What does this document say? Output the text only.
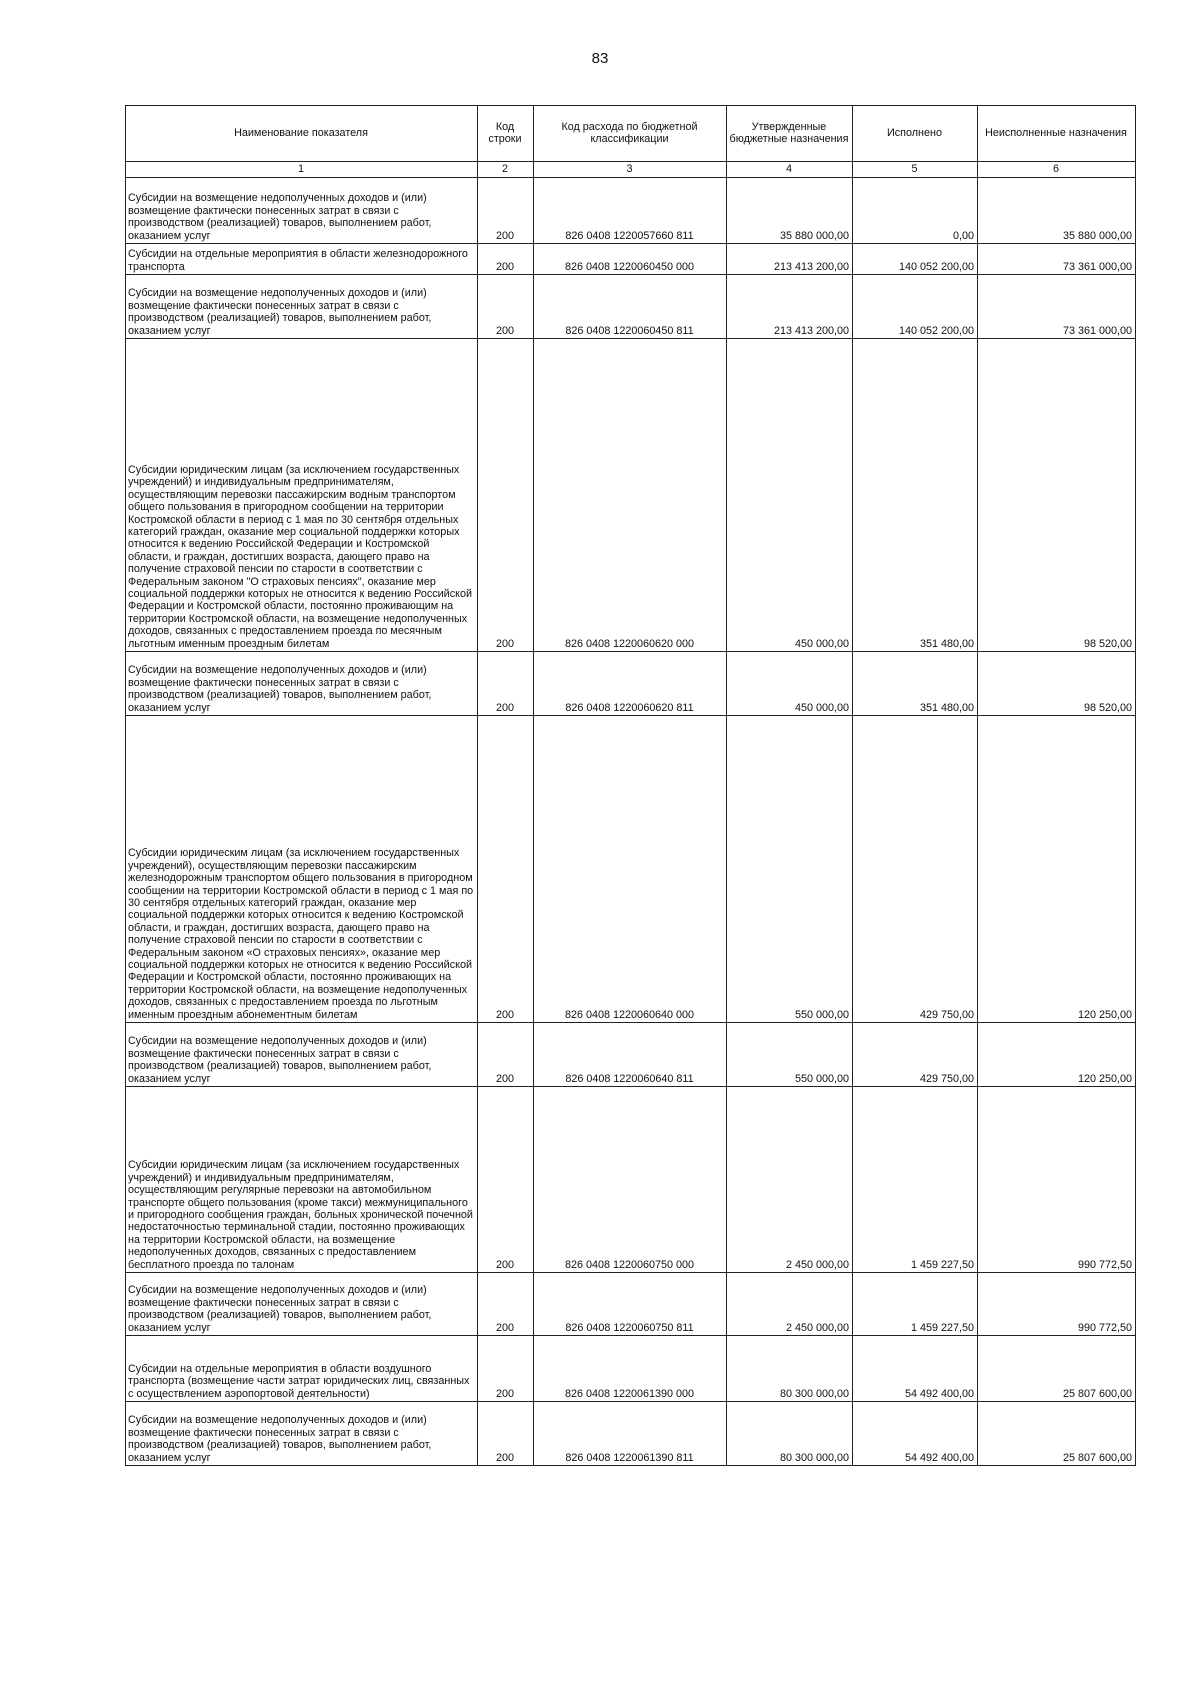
83
Наименование показателя	Код строки	Код расхода по бюджетной классификации	Утвержденные бюджетные назначения	Исполнено	Неисполненные назначения
1	2	3	4	5	6
Субсидии на возмещение недополученных доходов и (или) возмещение фактически понесенных затрат в связи с производством (реализацией) товаров, выполнением работ, оказанием услуг	200	826 0408 1220057660 811	35 880 000,00	0,00	35 880 000,00
Субсидии на отдельные мероприятия в области железнодорожного транспорта	200	826 0408 1220060450 000	213 413 200,00	140 052 200,00	73 361 000,00
Субсидии на возмещение недополученных доходов и (или) возмещение фактически понесенных затрат в связи с производством (реализацией) товаров, выполнением работ, оказанием услуг	200	826 0408 1220060450 811	213 413 200,00	140 052 200,00	73 361 000,00
Субсидии юридическим лицам (за исключением государственных учреждений) и индивидуальным предпринимателям, осуществляющим перевозки пассажирским водным транспортом общего пользования в пригородном сообщении на территории Костромской области в период с 1 мая по 30 сентября отдельных категорий граждан, оказание мер социальной поддержки которых относится к ведению Российской Федерации и Костромской области, и граждан, достигших возраста, дающего право на получение страховой пенсии по старости в соответствии с Федеральным законом "О страховых пенсиях", оказание мер социальной поддержки которых не относится к ведению Российской Федерации и Костромской области, постоянно проживающим на территории Костромской области, на возмещение недополученных доходов, связанных с предоставлением проезда по месячным льготным именным проездным билетам	200	826 0408 1220060620 000	450 000,00	351 480,00	98 520,00
Субсидии на возмещение недополученных доходов и (или) возмещение фактически понесенных затрат в связи с производством (реализацией) товаров, выполнением работ, оказанием услуг	200	826 0408 1220060620 811	450 000,00	351 480,00	98 520,00
Субсидии юридическим лицам (за исключением государственных учреждений), осуществляющим перевозки пассажирским железнодорожным транспортом общего пользования в пригородном сообщении на территории Костромской области в период с 1 мая по 30 сентября отдельных категорий граждан, оказание мер социальной поддержки которых относится к ведению Костромской области, и граждан, достигших возраста, дающего право на получение страховой пенсии по старости в соответствии с Федеральным законом «О страховых пенсиях», оказание мер социальной поддержки которых не относится к ведению Российской Федерации и Костромской области, постоянно проживающих на территории Костромской области, на возмещение недополученных доходов, связанных с предоставлением проезда по льготным именным проездным абонементным билетам	200	826 0408 1220060640 000	550 000,00	429 750,00	120 250,00
Субсидии на возмещение недополученных доходов и (или) возмещение фактически понесенных затрат в связи с производством (реализацией) товаров, выполнением работ, оказанием услуг	200	826 0408 1220060640 811	550 000,00	429 750,00	120 250,00
Субсидии юридическим лицам (за исключением государственных учреждений) и индивидуальным предпринимателям, осуществляющим регулярные перевозки на автомобильном транспорте общего пользования (кроме такси) межмуниципального и пригородного сообщения граждан, больных хронической почечной недостаточностью терминальной стадии, постоянно проживающих на территории Костромской области, на возмещение недополученных доходов, связанных с предоставлением бесплатного проезда по талонам	200	826 0408 1220060750 000	2 450 000,00	1 459 227,50	990 772,50
Субсидии на возмещение недополученных доходов и (или) возмещение фактически понесенных затрат в связи с производством (реализацией) товаров, выполнением работ, оказанием услуг	200	826 0408 1220060750 811	2 450 000,00	1 459 227,50	990 772,50
Субсидии на отдельные мероприятия в области воздушного транспорта (возмещение части затрат юридических лиц, связанных с осуществлением аэропортовой деятельности)	200	826 0408 1220061390 000	80 300 000,00	54 492 400,00	25 807 600,00
Субсидии на возмещение недополученных доходов и (или) возмещение фактически понесенных затрат в связи с производством (реализацией) товаров, выполнением работ, оказанием услуг	200	826 0408 1220061390 811	80 300 000,00	54 492 400,00	25 807 600,00
